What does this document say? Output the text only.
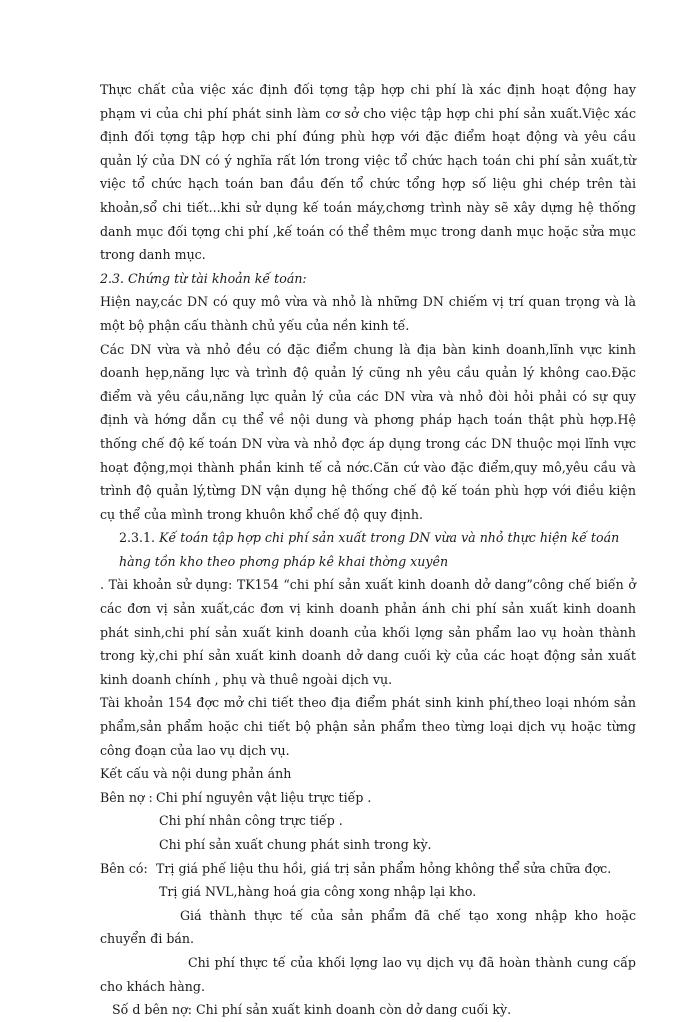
Thực chất của việc xác định đối tợng tập hợp chi phí là xác định hoạt động hay phạm vi của chi phí phát sinh làm cơ sở cho việc tập hợp chi phí sản xuất.Việc xác định đối tợng tập hợp chi phí đúng phù hợp với đặc điểm hoạt động và yêu cầu quản lý của DN có ý nghĩa rất lớn trong việc tổ chức hạch toán chi phí sản xuất,từ việc tổ chức hạch toán ban đầu đến tổ chức tổng hợp số liệu ghi chép trên tài khoản,sổ chi tiết...khi sử dụng kế toán máy,chơng trình này sẽ xây dựng hệ thống danh mục đối tợng chi phí ,kế toán có thể thêm mục trong danh mục hoặc sửa mục trong danh mục.

2.3. Chứng từ tài khoản kế toán:

Hiện nay,các DN có quy mô vừa và nhỏ là những DN chiếm vị trí quan trọng và là một bộ phận cấu thành chủ yếu của nền kinh tế.

Các DN vừa và nhỏ đều có đặc điểm chung là địa bàn kinh doanh,lĩnh vực kinh doanh hẹp,năng lực và trình độ quản lý cũng nh yêu cầu quản lý không cao.Đặc điểm và yêu cầu,năng lực quản lý của các DN vừa và nhỏ đòi hỏi phải có sự quy định và hớng dẫn cụ thể về nội dung và phơng pháp hạch toán thật phù hợp.Hệ thống chế độ kế toán DN vừa và nhỏ đợc áp dụng trong các DN thuộc mọi lĩnh vực hoạt động,mọi thành phần kinh tế cả nớc.Căn cứ vào đặc điểm,quy mô,yêu cầu và trình độ quản lý,từng DN vận dụng hệ thống chế độ kế toán phù hợp với điều kiện cụ thể của mình trong khuôn khổ chế độ quy định.

2.3.1. Kế toán tập hợp chi phí sản xuất trong DN vừa và nhỏ thực hiện kế toán hàng tồn kho theo phơng pháp kê khai thờng xuyên

. Tài khoản sử dụng: TK154 “chi phí sản xuất kinh doanh dở dang”công chế biến ở các đơn vị sản xuất,các đơn vị kinh doanh phản ánh chi phí sản xuất kinh doanh phát sinh,chi phí sản xuất kinh doanh của khối lợng sản phẩm lao vụ hoàn thành trong kỳ,chi phí sản xuất kinh doanh dở dang cuối kỳ của các hoạt động sản xuất kinh doanh chính , phụ và thuê ngoài dịch vụ.

Tài khoản 154 đợc mở chi tiết theo địa điểm phát sinh kinh phí,theo loại nhóm sản phẩm,sản phẩm hoặc chi tiết bộ phận sản phẩm theo từng loại dịch vụ hoặc từng công đoạn của lao vụ dịch vụ.

Kết cấu và nội dung phản ánh

Bên nợ : Chi phí nguyên vật liệu trực tiếp .

Chi phí nhân công trực tiếp .

Chi phí sản xuất chung phát sinh trong kỳ.

Bên có: Trị giá phế liệu thu hồi, giá trị sản phẩm hỏng không thể sửa chữa đợc.

Trị giá NVL,hàng hoá gia công xong nhập lại kho.

Giá thành thực tế của sản phẩm đã chế tạo xong nhập kho hoặc chuyển đi bán.

Chi phí thực tế của khối lợng lao vụ dịch vụ đã hoàn thành cung cấp cho khách hàng.

Số d bên nợ: Chi phí sản xuất kinh doanh còn dở dang cuối kỳ.
